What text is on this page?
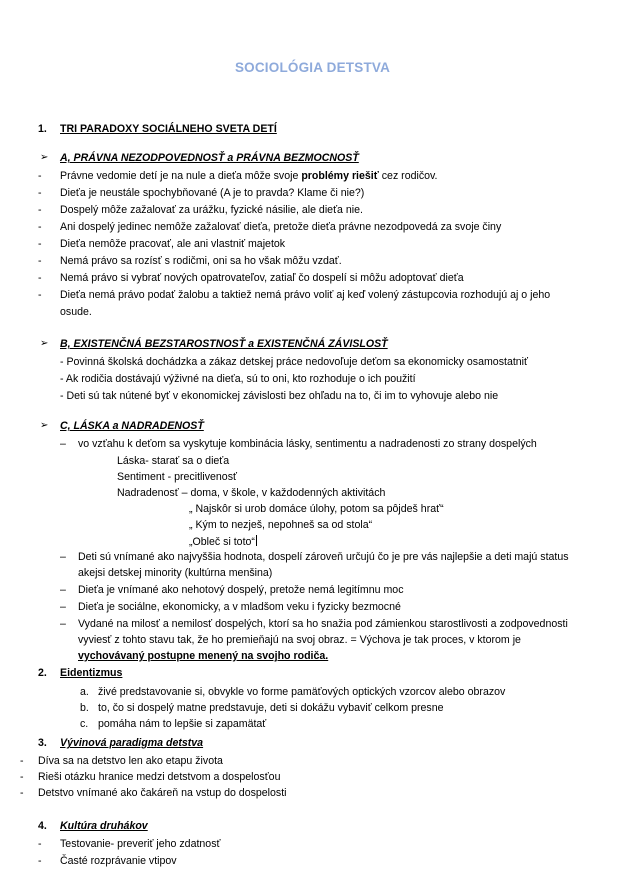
SOCIOLÓGIA DETSTVA
1. TRI PARADOXY SOCIÁLNEHO SVETA DETÍ
➢ A, PRÁVNA NEZODPOVEDNOSŤ a PRÁVNA BEZMOCNOSŤ
- Právne vedomie detí je na nule a dieťa môže svoje problémy riešiť cez rodičov.
- Dieťa je neustále spochybňované (A je to pravda? Klame či nie?)
- Dospelý môže zažalovať za urážku, fyzické násilie, ale dieťa nie.
- Ani dospelý jedinec nemôže zažalovať dieťa, pretože dieťa právne nezodpovedá za svoje činy
- Dieťa nemôže pracovať, ale ani vlastniť majetok
- Nemá právo sa rozísť s rodičmi, oni sa ho však môžu vzdať.
- Nemá právo si vybrať nových opatrovateľov, zatiaľ čo dospelí si môžu adoptovať dieťa
- Dieťa nemá právo podať žalobu a taktiež nemá právo voliť aj keď volený zástupcovia rozhodujú aj o jeho
osude.
➢ B, EXISTENČNÁ BEZSTAROSTNOSŤ a EXISTENČNÁ ZÁVISLOSŤ
- Povinná školská dochádzka a zákaz detskej práce nedovoľuje deťom sa ekonomicky osamostatniť
- Ak rodičia dostávajú výživné na dieťa, sú to oni, kto rozhoduje o ich použití
- Deti sú tak nútené byť v ekonomickej závislosti bez ohľadu na to, či im to vyhovuje alebo nie
➢ C, LÁSKA a NADRADENOSŤ
– vo vzťahu k deťom sa vyskytuje kombinácia lásky, sentimentu a nadradenosti zo strany dospelých
Láska- starať sa o dieťa
Sentiment - precitlivenosť
Nadradenosť – doma, v škole, v každodenných aktivitách
„ Najskôr si urob domáce úlohy, potom sa pôjdeš hrať“
„ Kým to nezješ, nepohneš sa od stola“
„Obleč si toto“
– Deti sú vnímané ako najvyššia hodnota, dospelí zároveň určujú čo je pre vás najlepšie a deti majú status
akejsi detskej minority (kultúrna menšina)
– Dieťa je vnímané ako nehotový dospelý, pretože nemá legitímnu moc
– Dieťa je sociálne, ekonomicky, a v mladšom veku i fyzicky bezmocné
– Vydané na milosť a nemilosť dospelých, ktorí sa ho snažia pod zámienkou starostlivosti a zodpovednosti
vyviesť z tohto stavu tak, že ho premieňajú na svoj obraz. = Výchova je tak proces, v ktorom je
vychovávaný postupne menený na svojho rodiča.
2. Eidentizmus
a. živé predstavovanie si, obvykle vo forme pamäťových optických vzorcov alebo obrazov
b. to, čo si dospelý matne predstavuje, deti si dokážu vybaviť celkom presne
c. pomáha nám to lepšie si zapamätať
3. Vývinová paradigma detstva
- Díva sa na detstvo len ako etapu života
- Rieši otázku hranice medzi detstvom a dospelosťou
- Detstvo vnímané ako čakáreň na vstup do dospelosti
4. Kultúra druhákov
- Testovanie- preveriť jeho zdatnosť
- Časté rozprávanie vtipov
